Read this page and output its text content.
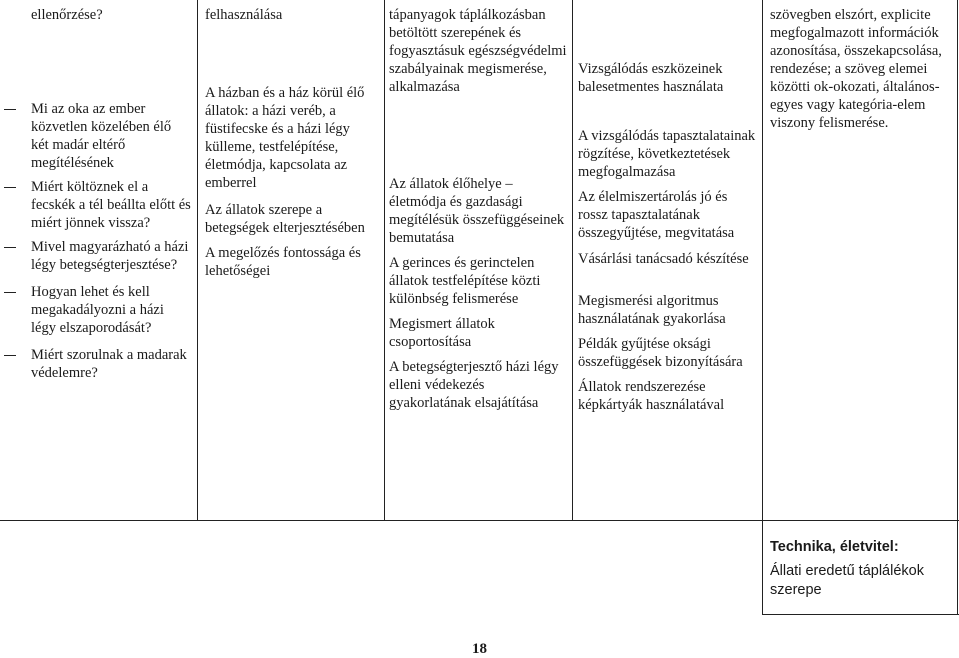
ellenőrzése?

Mi az oka az ember közvetlen közelében élő két madár eltérő megítélésének
Miért költöznek el a fecskék a tél beállta előtt és miért jönnek vissza?
Mivel magyarázható a házi légy betegségterjesztése?
Hogyan lehet és kell megakadályozni a házi légy elszaporodását?
Miért szorulnak a madarak védelemre?

felhasználása

A házban és a ház körül élő állatok: a házi veréb, a füstifecske és a házi légy külleme, testfelépítése, életmódja, kapcsolata az emberrel

Az állatok szerepe a betegségek elterjesztésében

A megelőzés fontossága és lehetőségei

tápanyagok táplálkozásban betöltött szerepének és fogyasztásuk egészségvédelmi szabályainak megismerése, alkalmazása

Az állatok élőhelye – életmódja és gazdasági megítélésük összefüggéseinek bemutatása

A gerinces és gerinctelen állatok testfelépítése közti különbség felismerése

Megismert állatok csoportosítása

A betegségterjesztő házi légy elleni védekezés gyakorlatának elsajátítása

Vizsgálódás eszközeinek balesetmentes használata

A vizsgálódás tapasztalatainak rögzítése, következtetések megfogalmazása

Az élelmiszertárolás jó és rossz tapasztalatának összegyűjtése, megvitatása

Vásárlási tanácsadó készítése

Megismerési algoritmus használatának gyakorlása

Példák gyűjtése oksági összefüggések bizonyítására

Állatok rendszerezése képkártyák használatával

szövegben elszórt, explicite megfogalmazott információk azonosítása, összekapcsolása, rendezése; a szöveg elemei közötti ok-okozati, általános-egyes vagy kategória-elem viszony felismerése.

Technika, életvitel:

Állati eredetű táplálékok szerepe

18
